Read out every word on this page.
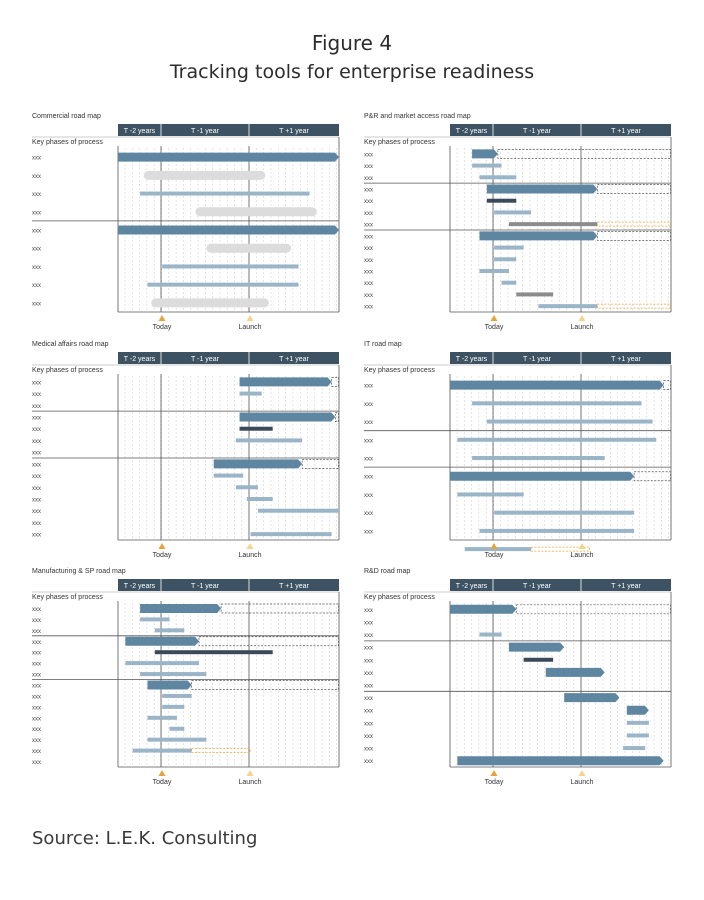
Figure 4
Tracking tools for enterprise readiness
Commercial road map
T -2 years	T -1 year	T +1 year
Key phases of process
xxx
xxx
xxx
xxx
xxx
xxx
xxx
xxx
xxx
Today	Launch
P&R and market access road map
T -2 years	T -1 year	T +1 year
Key phases of process
xxx
xxx
xxx
xxx
xxx
xxx
xxx
xxx
xxx
xxx
xxx
xxx
xxx
xxx
Today	Launch
Medical affairs road map
T -2 years	T -1 year	T +1 year
Key phases of process
xxx
xxx
xxx
xxx
xxx
xxx
xxx
xxx
xxx
xxx
xxx
xxx
xxx
xxx
Today	Launch
IT road map
T -2 years	T -1 year	T +1 year
Key phases of process
xxx
xxx
xxx
xxx
xxx
xxx
xxx
xxx
xxx
Today	Launch
Manufacturing & SP road map
T -2 years	T -1 year	T +1 year
Key phases of process
xxx
xxx
xxx
xxx
xxx
xxx
xxx
xxx
xxx
xxx
xxx
xxx
xxx
xxx
xxx
Today	Launch
R&D road map
T -2 years	T -1 year	T +1 year
Key phases of process
xxx
xxx
xxx
xxx
xxx
xxx
xxx
xxx
xxx
xxx
xxx
xxx
xxx
Today	Launch
Source: L.E.K. Consulting
